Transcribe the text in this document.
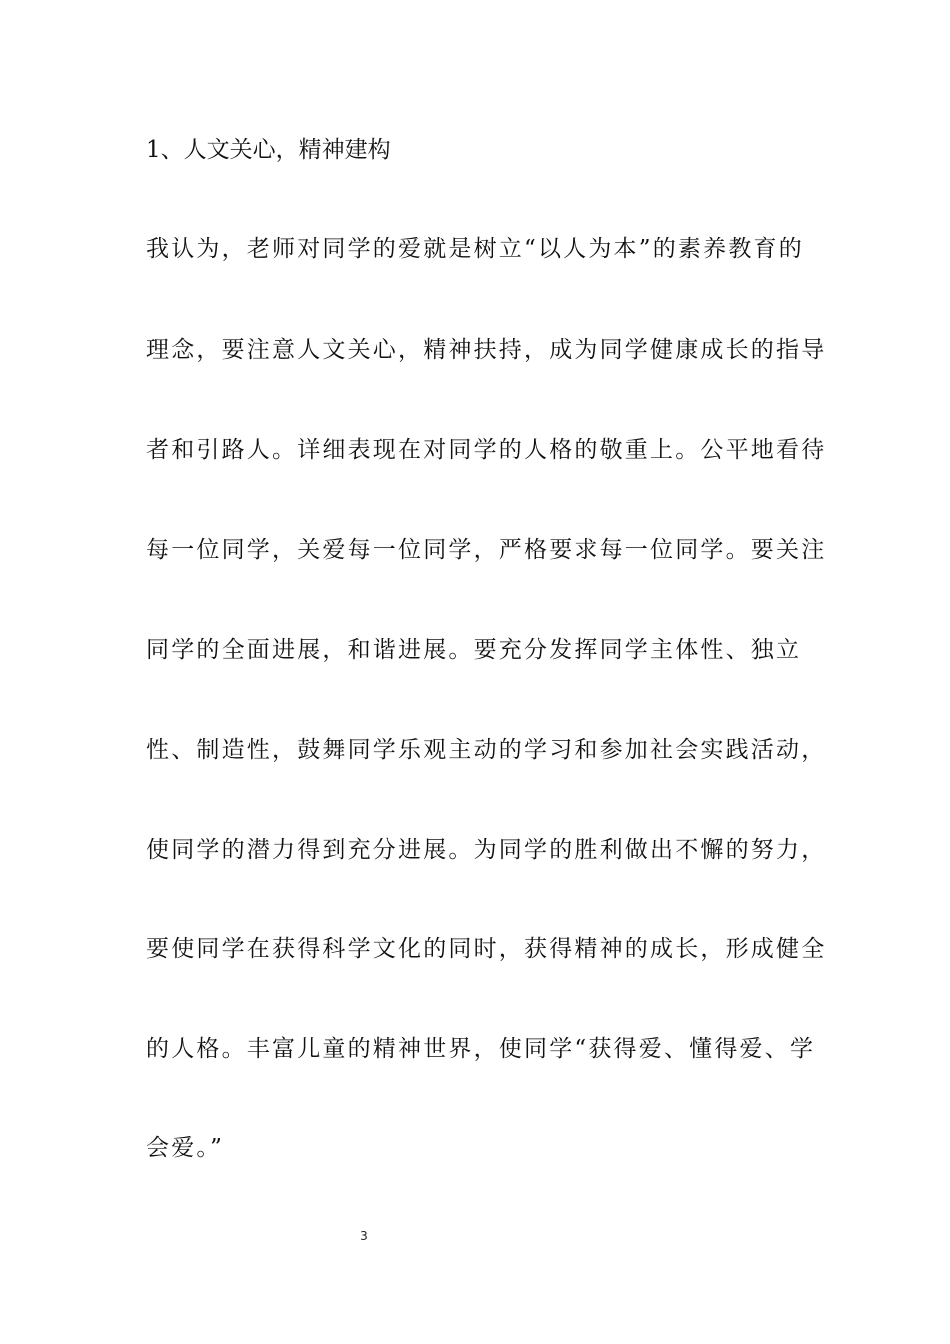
1、人文关心，精神建构
我认为，老师对同学的爱就是树立“以人为本”的素养教育的
理念，要注意人文关心，精神扶持，成为同学健康成长的指导
者和引路人。详细表现在对同学的人格的敬重上。公平地看待
每一位同学，关爱每一位同学，严格要求每一位同学。要关注
同学的全面进展，和谐进展。要充分发挥同学主体性、独立
性、制造性，鼓舞同学乐观主动的学习和参加社会实践活动，
使同学的潜力得到充分进展。为同学的胜利做出不懈的努力，
要使同学在获得科学文化的同时，获得精神的成长，形成健全
的人格。丰富儿童的精神世界，使同学“获得爱、懂得爱、学
会爱。”
3
